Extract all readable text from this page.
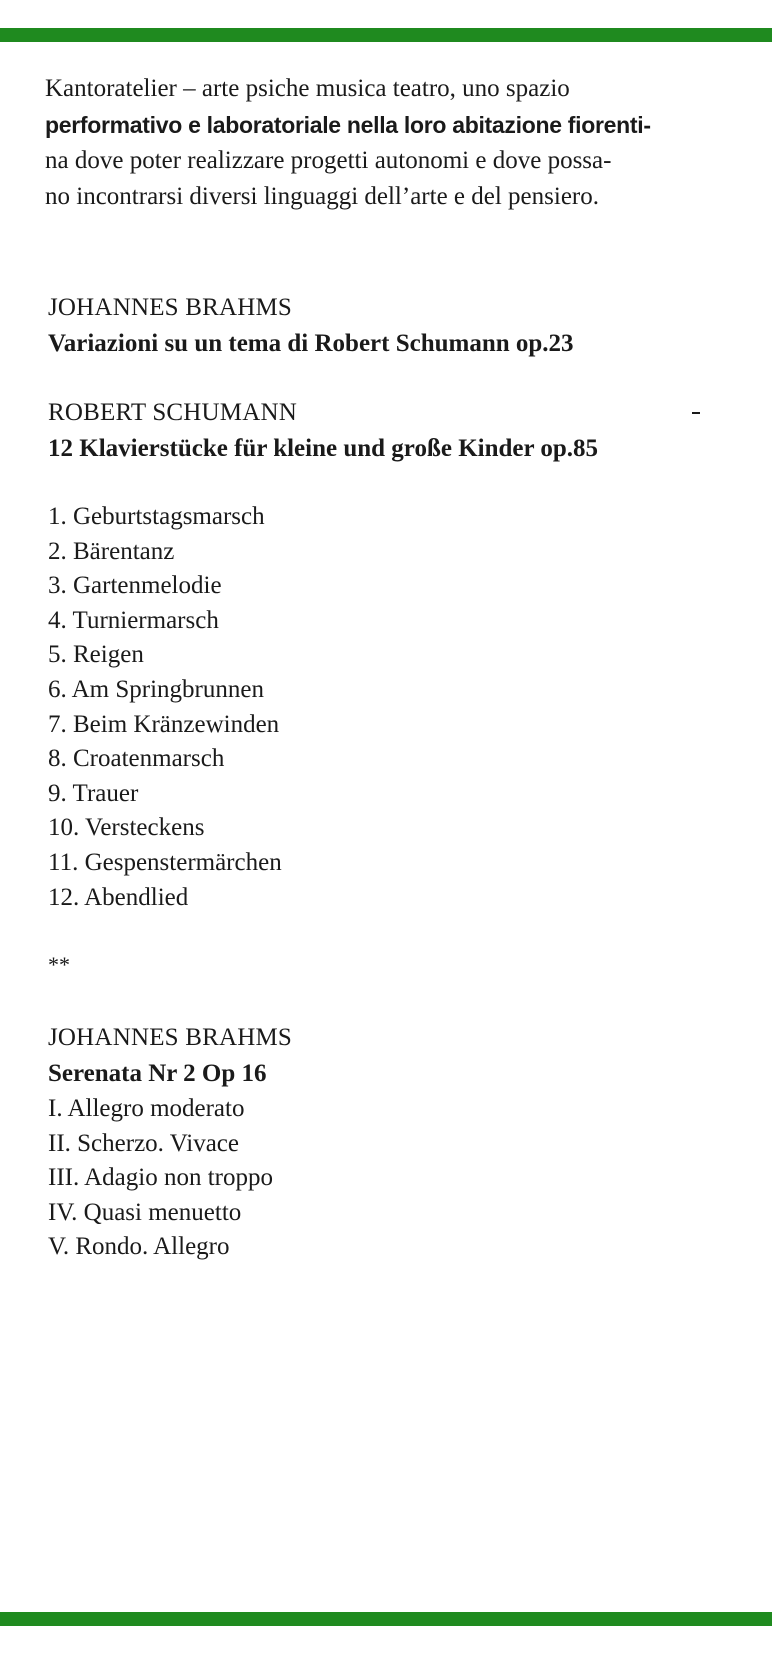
Kantoratelier – arte psiche musica teatro, uno spazio
performativo e laboratoriale nella loro abitazione fiorenti-
na dove poter realizzare progetti autonomi e dove possa-
no incontrarsi diversi linguaggi dell’arte e del pensiero.
JOHANNES BRAHMS
Variazioni su un tema di Robert Schumann op.23
ROBERT SCHUMANN
12 Klavierstücke für kleine und große Kinder op.85
1. Geburtstagsmarsch
2. Bärentanz
3. Gartenmelodie
4. Turniermarsch
5. Reigen
6. Am Springbrunnen
7. Beim Kränzewinden
8. Croatenmarsch
9. Trauer
10. Versteckens
11. Gespenstermärchen
12. Abendlied
**
JOHANNES BRAHMS
Serenata Nr 2 Op 16
I. Allegro moderato
II. Scherzo. Vivace
III. Adagio non troppo
IV. Quasi menuetto
V. Rondo. Allegro
